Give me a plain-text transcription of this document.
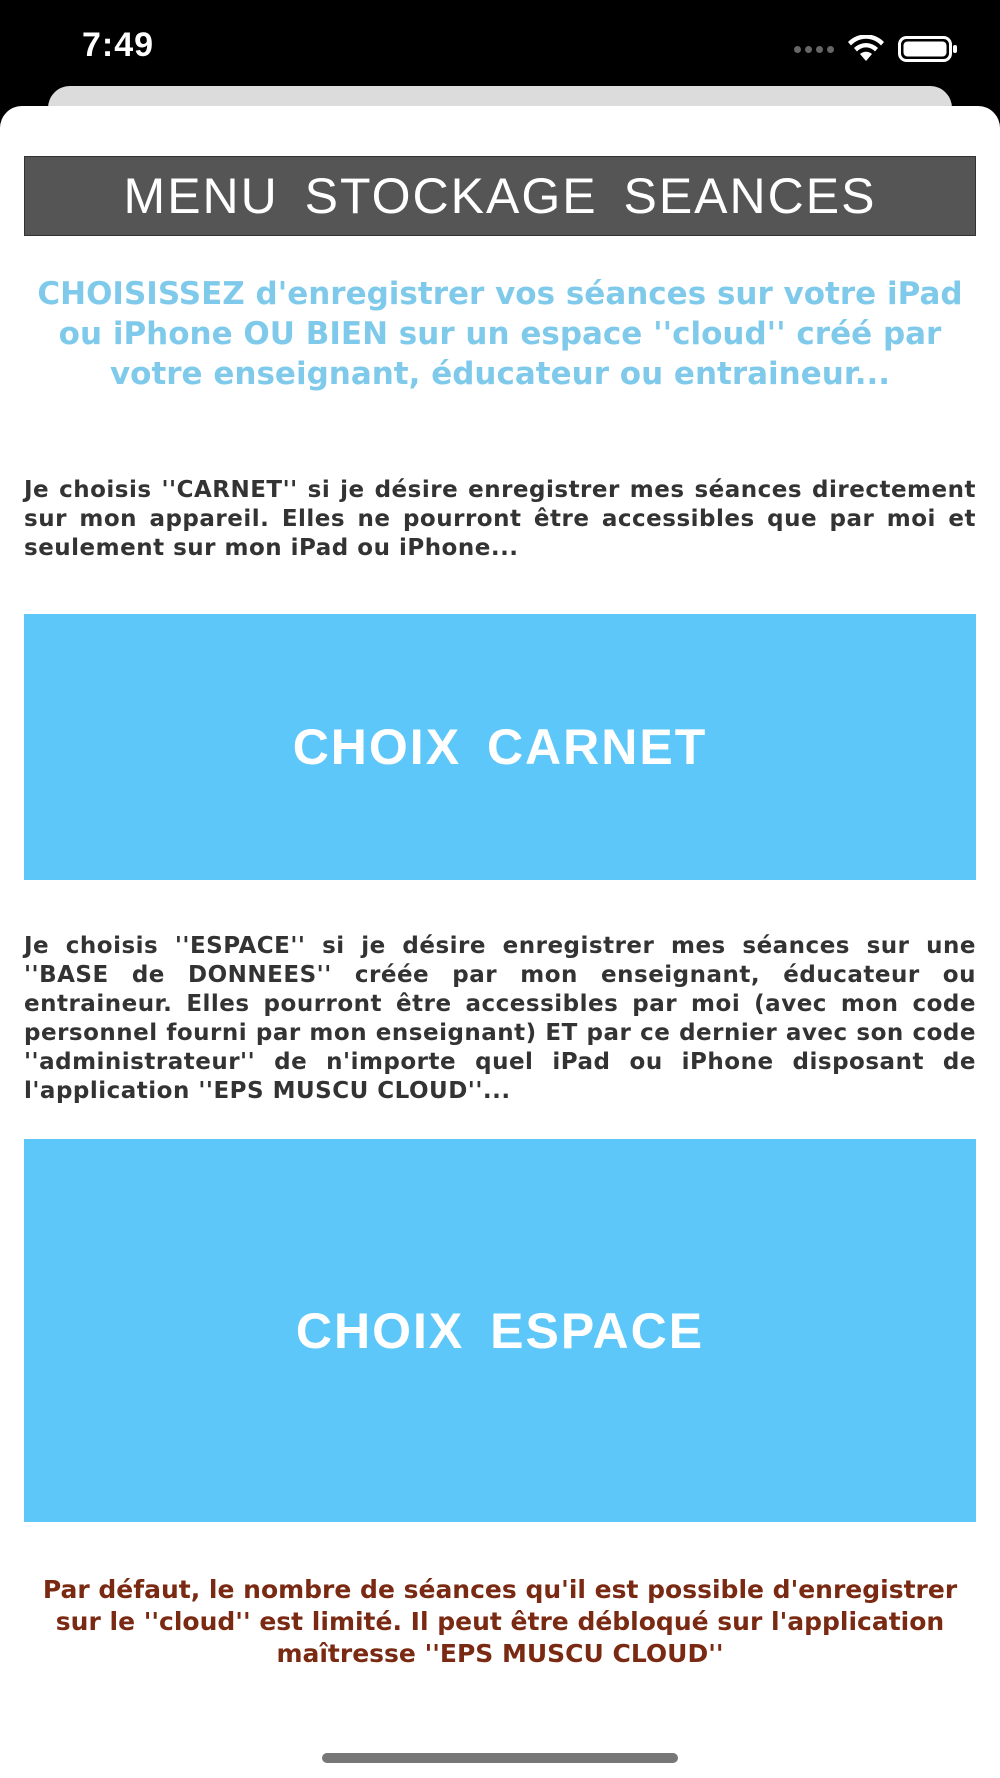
7:49
MENU STOCKAGE SEANCES
CHOISISSEZ d'enregistrer vos séances sur votre iPad ou iPhone OU BIEN sur un espace ''cloud'' créé par votre enseignant, éducateur ou entraineur...
Je choisis ''CARNET'' si je désire enregistrer mes séances directement sur mon appareil. Elles ne pourront être accessibles que par moi et seulement sur mon iPad ou iPhone...
CHOIX CARNET
Je choisis ''ESPACE'' si je désire enregistrer mes séances sur une ''BASE de DONNEES'' créée par mon enseignant, éducateur ou entraineur. Elles pourront être accessibles par moi (avec mon code personnel fourni par mon enseignant) ET par ce dernier avec son code ''administrateur'' de n'importe quel iPad ou iPhone disposant de l'application ''EPS MUSCU CLOUD''...
CHOIX ESPACE
Par défaut, le nombre de séances qu'il est possible d'enregistrer sur le ''cloud'' est limité. Il peut être débloqué sur l'application maîtresse ''EPS MUSCU CLOUD''
